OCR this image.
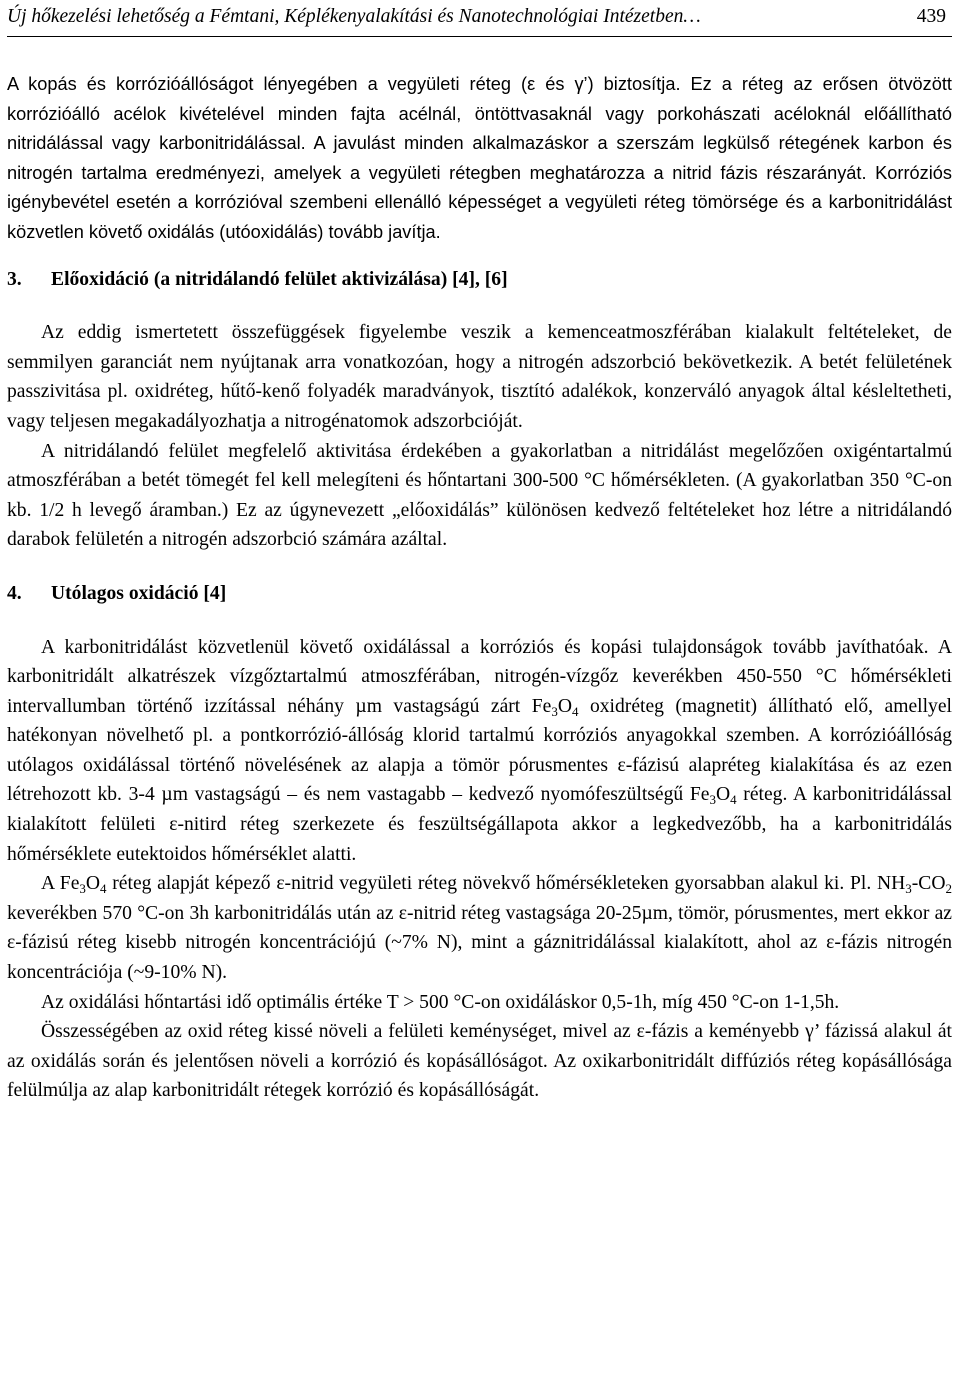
Új hőkezelési lehetőség a Fémtani, Képlékenyalakítási és Nanotechnológiai Intézetben…	439

A kopás és korrózióállóságot lényegében a vegyületi réteg (ε és γ’) biztosítja. Ez a réteg az erősen ötvözött korrózióálló acélok kivételével minden fajta acélnál, öntöttvasaknál vagy porkohászati acéloknál előállítható nitridálással vagy karbonitridálással. A javulást minden alkalmazáskor a szerszám legkülső rétegének karbon és nitrogén tartalma eredményezi, amelyek a vegyületi rétegben meghatározza a nitrid fázis részarányát. Korróziós igénybevétel esetén a korrózióval szembeni ellenálló képességet a vegyületi réteg tömörsége és a karbonitridálást közvetlen követő oxidálás (utóoxidálás) tovább javítja.

3. Előoxidáció (a nitridálandó felület aktivizálása) [4], [6]

Az eddig ismertetett összefüggések figyelembe veszik a kemenceatmoszférában kialakult feltételeket, de semmilyen garanciát nem nyújtanak arra vonatkozóan, hogy a nitrogén adszorbció bekövetkezik. A betét felületének passzivitása pl. oxidréteg, hűtő-kenő folyadék maradványok, tisztító adalékok, konzerváló anyagok által késleltetheti, vagy teljesen megakadályozhatja a nitrogénatomok adszorbcióját.

A nitridálandó felület megfelelő aktivitása érdekében a gyakorlatban a nitridálást megelőzően oxigéntartalmú atmoszférában a betét tömegét fel kell melegíteni és hőntartani 300-500 °C hőmérsékleten. (A gyakorlatban 350 °C-on kb. 1/2 h levegő áramban.) Ez az úgynevezett „előoxidálás” különösen kedvező feltételeket hoz létre a nitridálandó darabok felületén a nitrogén adszorbció számára azáltal.

4. Utólagos oxidáció [4]

A karbonitridálást közvetlenül követő oxidálással a korróziós és kopási tulajdonságok tovább javíthatóak. A karbonitridált alkatrészek vízgőztartalmú atmoszférában, nitrogén-vízgőz keverékben 450-550 °C hőmérsékleti intervallumban történő izzítással néhány µm vastagságú zárt $Fe_3O_4$ oxidréteg (magnetit) állítható elő, amellyel hatékonyan növelhető pl. a pontkorrózió-állóság klorid tartalmú korróziós anyagokkal szemben. A korrózióállóság utólagos oxidálással történő növelésének az alapja a tömör pórusmentes ε-fázisú alapréteg kialakítása és az ezen létrehozott kb. 3-4 µm vastagságú – és nem vastagabb – kedvező nyomófeszültségű $Fe_3O_4$ réteg. A karbonitridálással kialakított felületi ε-nitird réteg szerkezete és feszültségállapota akkor a legkedvezőbb, ha a karbonitridálás hőmérséklete eutektoidos hőmérséklet alatti.

A $Fe_3O_4$ réteg alapját képező ε-nitrid vegyületi réteg növekvő hőmérsékleteken gyorsabban alakul ki. Pl. $NH_3-CO_2$ keverékben 570 °C-on 3h karbonitridálás után az ε-nitrid réteg vastagsága 20-25µm, tömör, pórusmentes, mert ekkor az ε-fázisú réteg kisebb nitrogén koncentrációjú (~7% N), mint a gáznitridálással kialakított, ahol az ε-fázis nitrogén koncentrációja (~9-10% N).

Az oxidálási hőntartási idő optimális értéke T > 500 °C-on oxidáláskor 0,5-1h, míg 450 °C-on 1-1,5h.

Összességében az oxid réteg kissé növeli a felületi keménységet, mivel az ε-fázis a keményebb γ’ fázissá alakul át az oxidálás során és jelentősen növeli a korrózió és kopásállóságot. Az oxikarbonitridált diffúziós réteg kopásállósága felülmúlja az alap karbonitridált rétegek korrózió és kopásállóságát.
